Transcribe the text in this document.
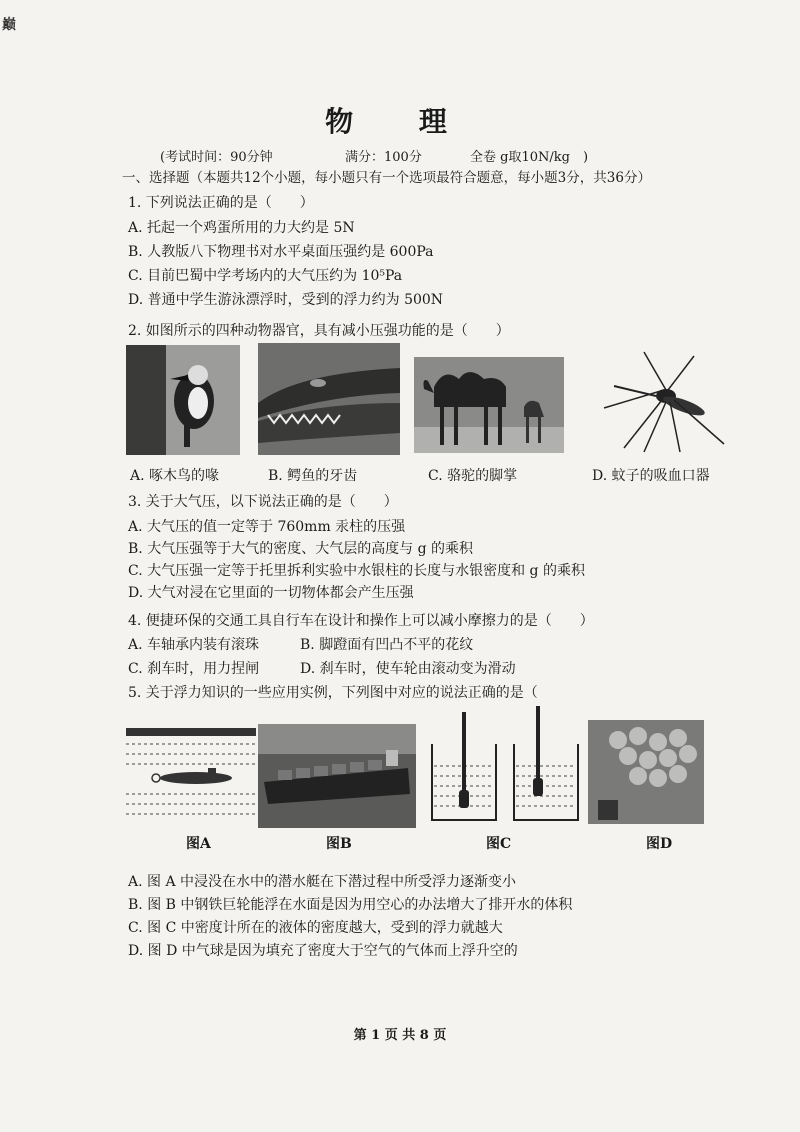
巅
物 理
(考试时间：90分钟	满分：100分	全卷 g取10N/kg　)
一、选择题（本题共12个小题，每小题只有一个选项最符合题意，每小题3分，共36分）
1. 下列说法正确的是（　　）
A. 托起一个鸡蛋所用的力大约是 5N
B. 人教版八下物理书对水平桌面压强约是 600Pa
C. 目前巴蜀中学考场内的大气压约为 10⁵Pa
D. 普通中学生游泳漂浮时，受到的浮力约为 500N
2. 如图所示的四种动物器官，具有减小压强功能的是（　　）
A. 啄木鸟的喙	B. 鳄鱼的牙齿	C. 骆驼的脚掌	D. 蚊子的吸血口器
3. 关于大气压，以下说法正确的是（　　）
A. 大气压的值一定等于 760mm 汞柱的压强
B. 大气压强等于大气的密度、大气层的高度与 g 的乘积
C. 大气压强一定等于托里拆利实验中水银柱的长度与水银密度和 g 的乘积
D. 大气对浸在它里面的一切物体都会产生压强
4. 便捷环保的交通工具自行车在设计和操作上可以减小摩擦力的是（　　）
A. 车轴承内装有滚珠	B. 脚蹬面有凹凸不平的花纹
C. 刹车时，用力捏闸	D. 刹车时，使车轮由滚动变为滑动
5. 关于浮力知识的一些应用实例，下列图中对应的说法正确的是（
图A	图B	图C	图D
A. 图 A 中浸没在水中的潜水艇在下潜过程中所受浮力逐渐变小
B. 图 B 中钢铁巨轮能浮在水面是因为用空心的办法增大了排开水的体积
C. 图 C 中密度计所在的液体的密度越大，受到的浮力就越大
D. 图 D 中气球是因为填充了密度大于空气的气体而上浮升空的
第 1 页 共 8 页
